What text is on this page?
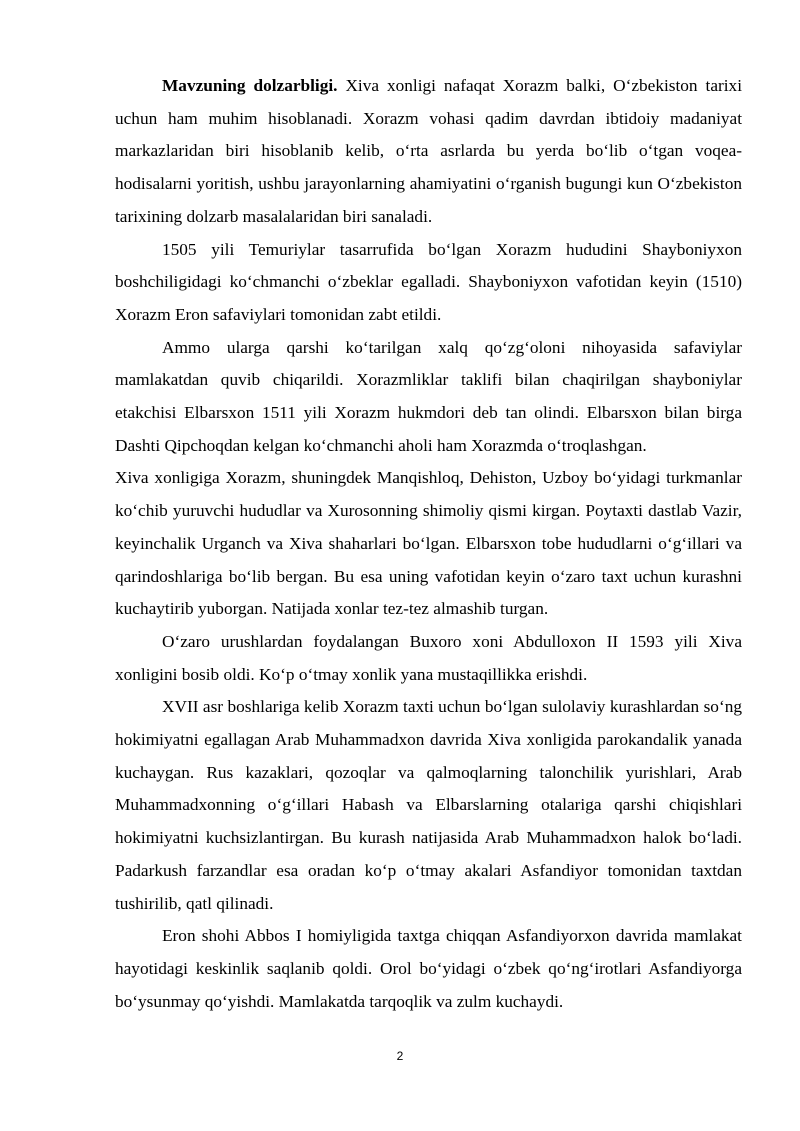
Mavzuning dolzarbligi. Xiva xonligi nafaqat Xorazm balki, O‘zbekiston tarixi uchun ham muhim hisoblanadi. Xorazm vohasi qadim davrdan ibtidoiy madaniyat markazlaridan biri hisoblanib kelib, o‘rta asrlarda bu yerda bo‘lib o‘tgan voqea-hodisalarni yoritish, ushbu jarayonlarning ahamiyatini o‘rganish bugungi kun O‘zbekiston tarixining dolzarb masalalaridan biri sanaladi.

1505 yili Temuriylar tasarrufida bo‘lgan Xorazm hududini Shayboniyxon boshchiligidagi ko‘chmanchi o‘zbeklar egalladi. Shayboniyxon vafotidan keyin (1510) Xorazm Eron safaviylari tomonidan zabt etildi.

Ammo ularga qarshi ko‘tarilgan xalq qo‘zg‘oloni nihoyasida safaviylar mamlakatdan quvib chiqarildi. Xorazmliklar taklifi bilan chaqirilgan shayboniylar etakchisi Elbarsxon 1511 yili Xorazm hukmdori deb tan olindi. Elbarsxon bilan birga Dashti Qipchoqdan kelgan ko‘chmanchi aholi ham Xorazmda o‘troqlashgan.

Xiva xonligiga Xorazm, shuningdek Manqishloq, Dehiston, Uzboy bo‘yidagi turkmanlar ko‘chib yuruvchi hududlar va Xurosonning shimoliy qismi kirgan. Poytaxti dastlab Vazir, keyinchalik Urganch va Xiva shaharlari bo‘lgan. Elbarsxon tobe hududlarni o‘g‘illari va qarindoshlariga bo‘lib bergan. Bu esa uning vafotidan keyin o‘zaro taxt uchun kurashni kuchaytirib yuborgan. Natijada xonlar tez-tez almashib turgan.

O‘zaro urushlardan foydalangan Buxoro xoni Abdulloxon II 1593 yili Xiva xonligini bosib oldi. Ko‘p o‘tmay xonlik yana mustaqillikka erishdi.

XVII asr boshlariga kelib Xorazm taxti uchun bo‘lgan sulolaviy kurashlardan so‘ng hokimiyatni egallagan Arab Muhammadxon davrida Xiva xonligida parokandalik yanada kuchaygan. Rus kazaklari, qozoqlar va qalmoqlarning talonchilik yurishlari, Arab Muhammadxonning o‘g‘illari Habash va Elbarslarning otalariga qarshi chiqishlari hokimiyatni kuchsizlantirgan. Bu kurash natijasida Arab Muhammadxon halok bo‘ladi. Padarkush farzandlar esa oradan ko‘p o‘tmay akalari Asfandiyor tomonidan taxtdan tushirilib, qatl qilinadi.

Eron shohi Abbos I homiyligida taxtga chiqqan Asfandiyorxon davrida mamlakat hayotidagi keskinlik saqlanib qoldi. Orol bo‘yidagi o‘zbek qo‘ng‘irotlari Asfandiyorga bo‘ysunmay qo‘yishdi. Mamlakatda tarqoqlik va zulm kuchaydi.

2
